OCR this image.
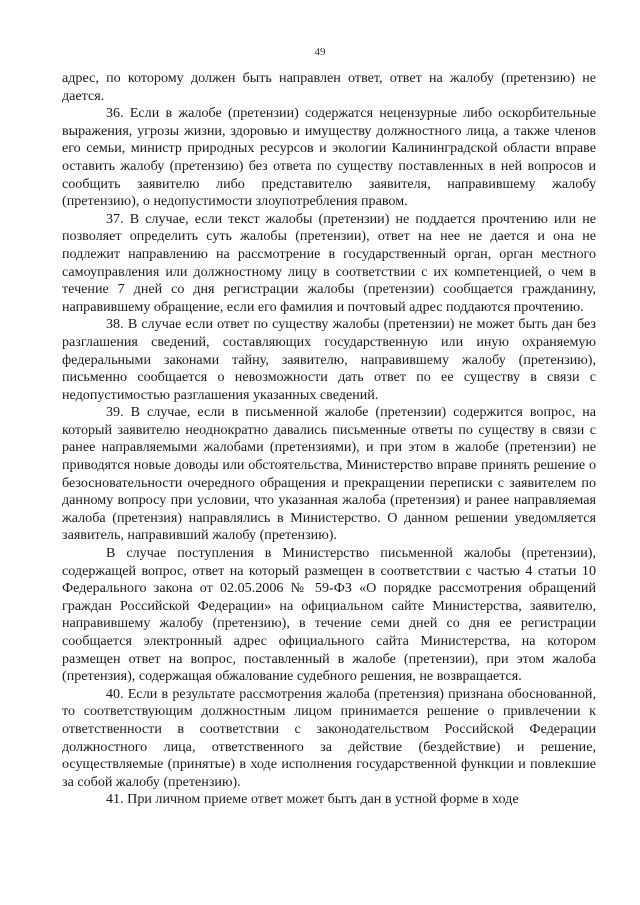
49

адрес, по которому должен быть направлен ответ, ответ на жалобу (претензию) не дается.

36. Если в жалобе (претензии) содержатся нецензурные либо оскорбительные выражения, угрозы жизни, здоровью и имуществу должностного лица, а также членов его семьи, министр природных ресурсов и экологии Калининградской области вправе оставить жалобу (претензию) без ответа по существу поставленных в ней вопросов и сообщить заявителю либо представителю заявителя, направившему жалобу (претензию), о недопустимости злоупотребления правом.

37. В случае, если текст жалобы (претензии) не поддается прочтению или не позволяет определить суть жалобы (претензии), ответ на нее не дается и она не подлежит направлению на рассмотрение в государственный орган, орган местного самоуправления или должностному лицу в соответствии с их компетенцией, о чем в течение 7 дней со дня регистрации жалобы (претензии) сообщается гражданину, направившему обращение, если его фамилия и почтовый адрес поддаются прочтению.

38. В случае если ответ по существу жалобы (претензии) не может быть дан без разглашения сведений, составляющих государственную или иную охраняемую федеральными законами тайну, заявителю, направившему жалобу (претензию), письменно сообщается о невозможности дать ответ по ее существу в связи с недопустимостью разглашения указанных сведений.

39. В случае, если в письменной жалобе (претензии) содержится вопрос, на который заявителю неоднократно давались письменные ответы по существу в связи с ранее направляемыми жалобами (претензиями), и при этом в жалобе (претензии) не приводятся новые доводы или обстоятельства, Министерство вправе принять решение о безосновательности очередного обращения и прекращении переписки с заявителем по данному вопросу при условии, что указанная жалоба (претензия) и ранее направляемая жалоба (претензия) направлялись в Министерство. О данном решении уведомляется заявитель, направивший жалобу (претензию).

В случае поступления в Министерство письменной жалобы (претензии), содержащей вопрос, ответ на который размещен в соответствии с частью 4 статьи 10 Федерального закона от 02.05.2006 № 59-ФЗ «О порядке рассмотрения обращений граждан Российской Федерации» на официальном сайте Министерства, заявителю, направившему жалобу (претензию), в течение семи дней со дня ее регистрации сообщается электронный адрес официального сайта Министерства, на котором размещен ответ на вопрос, поставленный в жалобе (претензии), при этом жалоба (претензия), содержащая обжалование судебного решения, не возвращается.

40. Если в результате рассмотрения жалоба (претензия) признана обоснованной, то соответствующим должностным лицом принимается решение о привлечении к ответственности в соответствии с законодательством Российской Федерации должностного лица, ответственного за действие (бездействие) и решение, осуществляемые (принятые) в ходе исполнения государственной функции и повлекшие за собой жалобу (претензию).

41. При личном приеме ответ может быть дан в устной форме в ходе
